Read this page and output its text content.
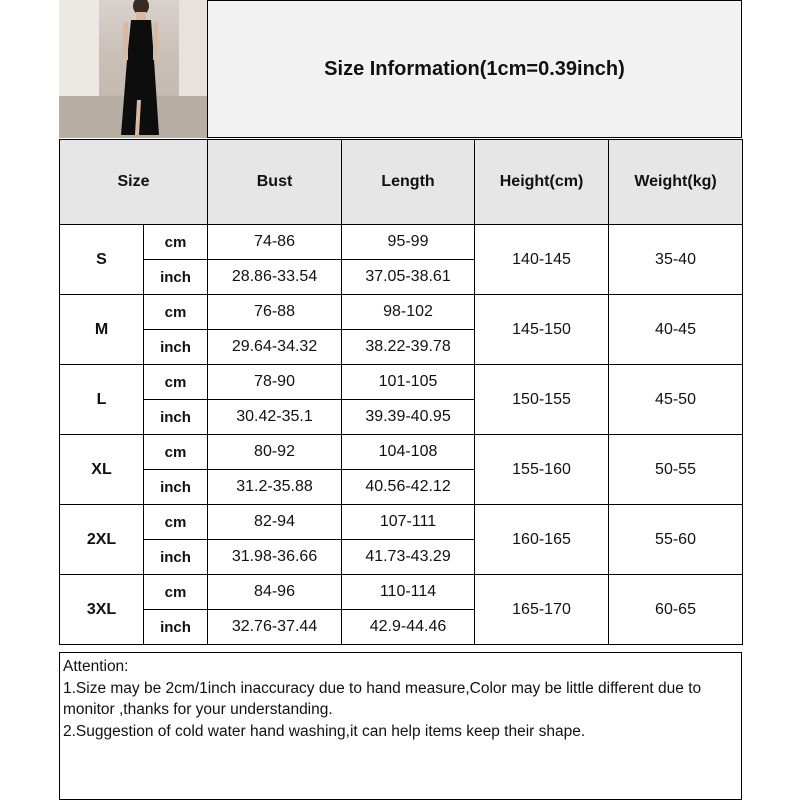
Size Information(1cm=0.39inch)
Size		Bust	Length	Height(cm)	Weight(kg)
S	cm	74-86	95-99	140-145	35-40
	inch	28.86-33.54	37.05-38.61		
M	cm	76-88	98-102	145-150	40-45
	inch	29.64-34.32	38.22-39.78		
L	cm	78-90	101-105	150-155	45-50
	inch	30.42-35.1	39.39-40.95		
XL	cm	80-92	104-108	155-160	50-55
	inch	31.2-35.88	40.56-42.12		
2XL	cm	82-94	107-111	160-165	55-60
	inch	31.98-36.66	41.73-43.29		
3XL	cm	84-96	110-114	165-170	60-65
	inch	32.76-37.44	42.9-44.46		
Attention:
1.Size may be 2cm/1inch inaccuracy due to hand measure,Color may be little different due to monitor ,thanks for your understanding.
2.Suggestion of cold water hand washing,it can help items keep their shape.
